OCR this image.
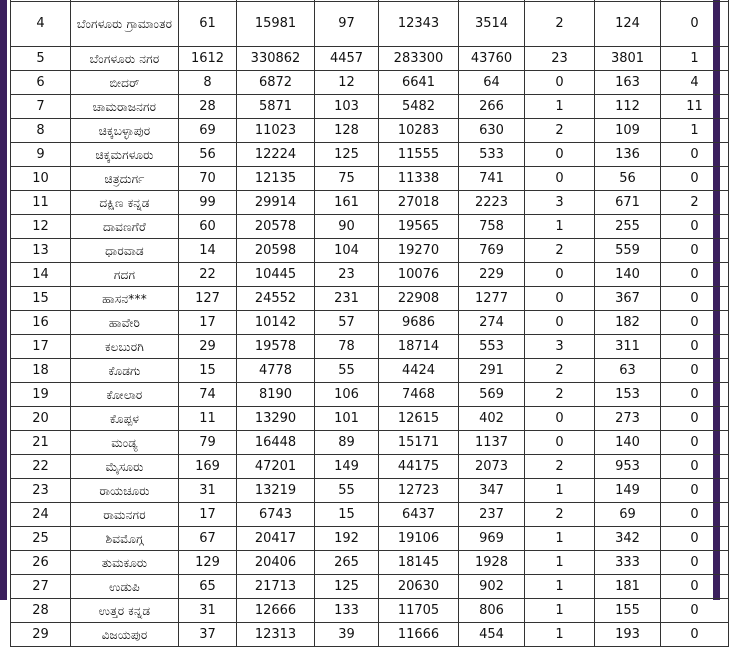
4	ಬೆಂಗಳೂರು ಗ್ರಾಮಾಂತರ	61	15981	97	12343	3514	2	124	0
5	ಬೆಂಗಳೂರು ನಗರ	1612	330862	4457	283300	43760	23	3801	1
6	ಬೀದರ್	8	6872	12	6641	64	0	163	4
7	ಚಾಮರಾಜನಗರ	28	5871	103	5482	266	1	112	11
8	ಚಿಕ್ಕಬಳ್ಳಾಪುರ	69	11023	128	10283	630	2	109	1
9	ಚಿಕ್ಕಮಗಳೂರು	56	12224	125	11555	533	0	136	0
10	ಚಿತ್ರದುರ್ಗ	70	12135	75	11338	741	0	56	0
11	ದಕ್ಷಿಣ ಕನ್ನಡ	99	29914	161	27018	2223	3	671	2
12	ದಾವಣಗೆರೆ	60	20578	90	19565	758	1	255	0
13	ಧಾರವಾಡ	14	20598	104	19270	769	2	559	0
14	ಗದಗ	22	10445	23	10076	229	0	140	0
15	ಹಾಸನ***	127	24552	231	22908	1277	0	367	0
16	ಹಾವೇರಿ	17	10142	57	9686	274	0	182	0
17	ಕಲಬುರಗಿ	29	19578	78	18714	553	3	311	0
18	ಕೊಡಗು	15	4778	55	4424	291	2	63	0
19	ಕೋಲಾರ	74	8190	106	7468	569	2	153	0
20	ಕೊಪ್ಪಳ	11	13290	101	12615	402	0	273	0
21	ಮಂಡ್ಯ	79	16448	89	15171	1137	0	140	0
22	ಮೈಸೂರು	169	47201	149	44175	2073	2	953	0
23	ರಾಯಚೂರು	31	13219	55	12723	347	1	149	0
24	ರಾಮನಗರ	17	6743	15	6437	237	2	69	0
25	ಶಿವಮೊಗ್ಗ	67	20417	192	19106	969	1	342	0
26	ತುಮಕೂರು	129	20406	265	18145	1928	1	333	0
27	ಉಡುಪಿ	65	21713	125	20630	902	1	181	0
28	ಉತ್ತರ ಕನ್ನಡ	31	12666	133	11705	806	1	155	0
29	ವಿಜಯಪುರ	37	12313	39	11666	454	1	193	0
